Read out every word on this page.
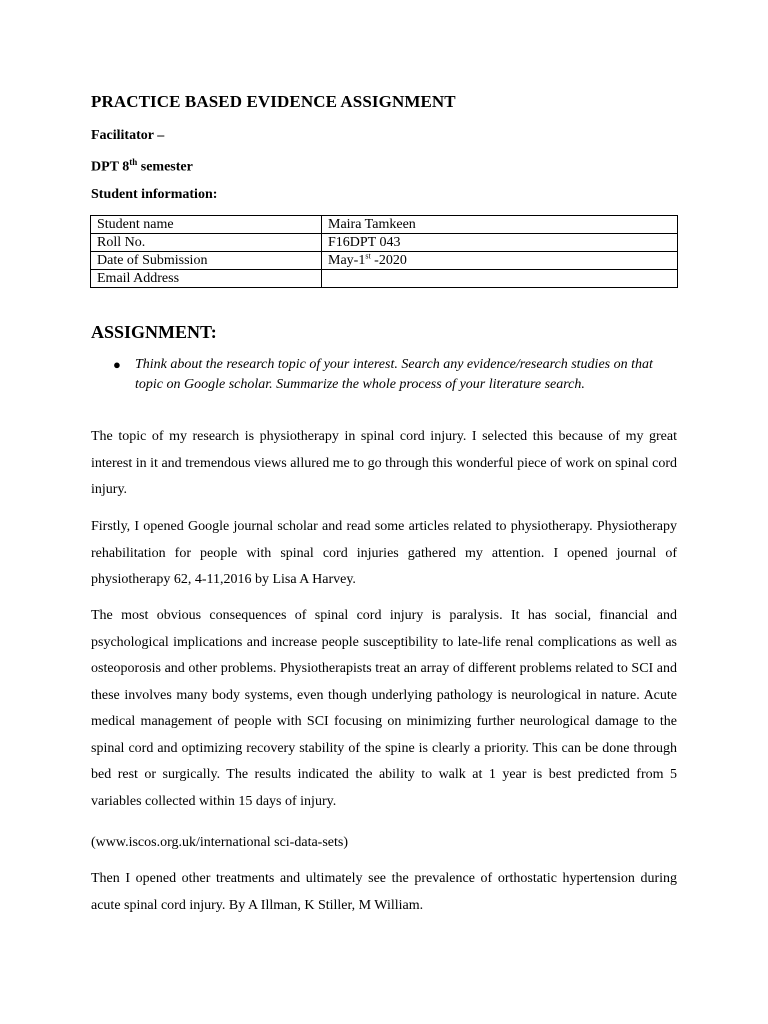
PRACTICE BASED EVIDENCE ASSIGNMENT
Facilitator –
DPT 8th semester
Student information:
Student name	Maira Tamkeen
Roll No.	F16DPT 043
Date of Submission	May-1st -2020
Email Address	
ASSIGNMENT:
● Think about the research topic of your interest. Search any evidence/research studies on that topic on Google scholar. Summarize the whole process of your literature search.
The topic of my research is physiotherapy in spinal cord injury. I selected this because of my great interest in it and tremendous views allured me to go through this wonderful piece of work on spinal cord injury.
Firstly, I opened Google journal scholar and read some articles related to physiotherapy. Physiotherapy rehabilitation for people with spinal cord injuries gathered my attention. I opened journal of physiotherapy 62, 4-11,2016 by Lisa A Harvey.
The most obvious consequences of spinal cord injury is paralysis. It has social, financial and psychological implications and increase people susceptibility to late-life renal complications as well as osteoporosis and other problems. Physiotherapists treat an array of different problems related to SCI and these involves many body systems, even though underlying pathology is neurological in nature. Acute medical management of people with SCI focusing on minimizing further neurological damage to the spinal cord and optimizing recovery stability of the spine is clearly a priority. This can be done through bed rest or surgically. The results indicated the ability to walk at 1 year is best predicted from 5 variables collected within 15 days of injury.
(www.iscos.org.uk/international sci-data-sets)
Then I opened other treatments and ultimately see the prevalence of orthostatic hypertension during acute spinal cord injury. By A Illman, K Stiller, M William.
